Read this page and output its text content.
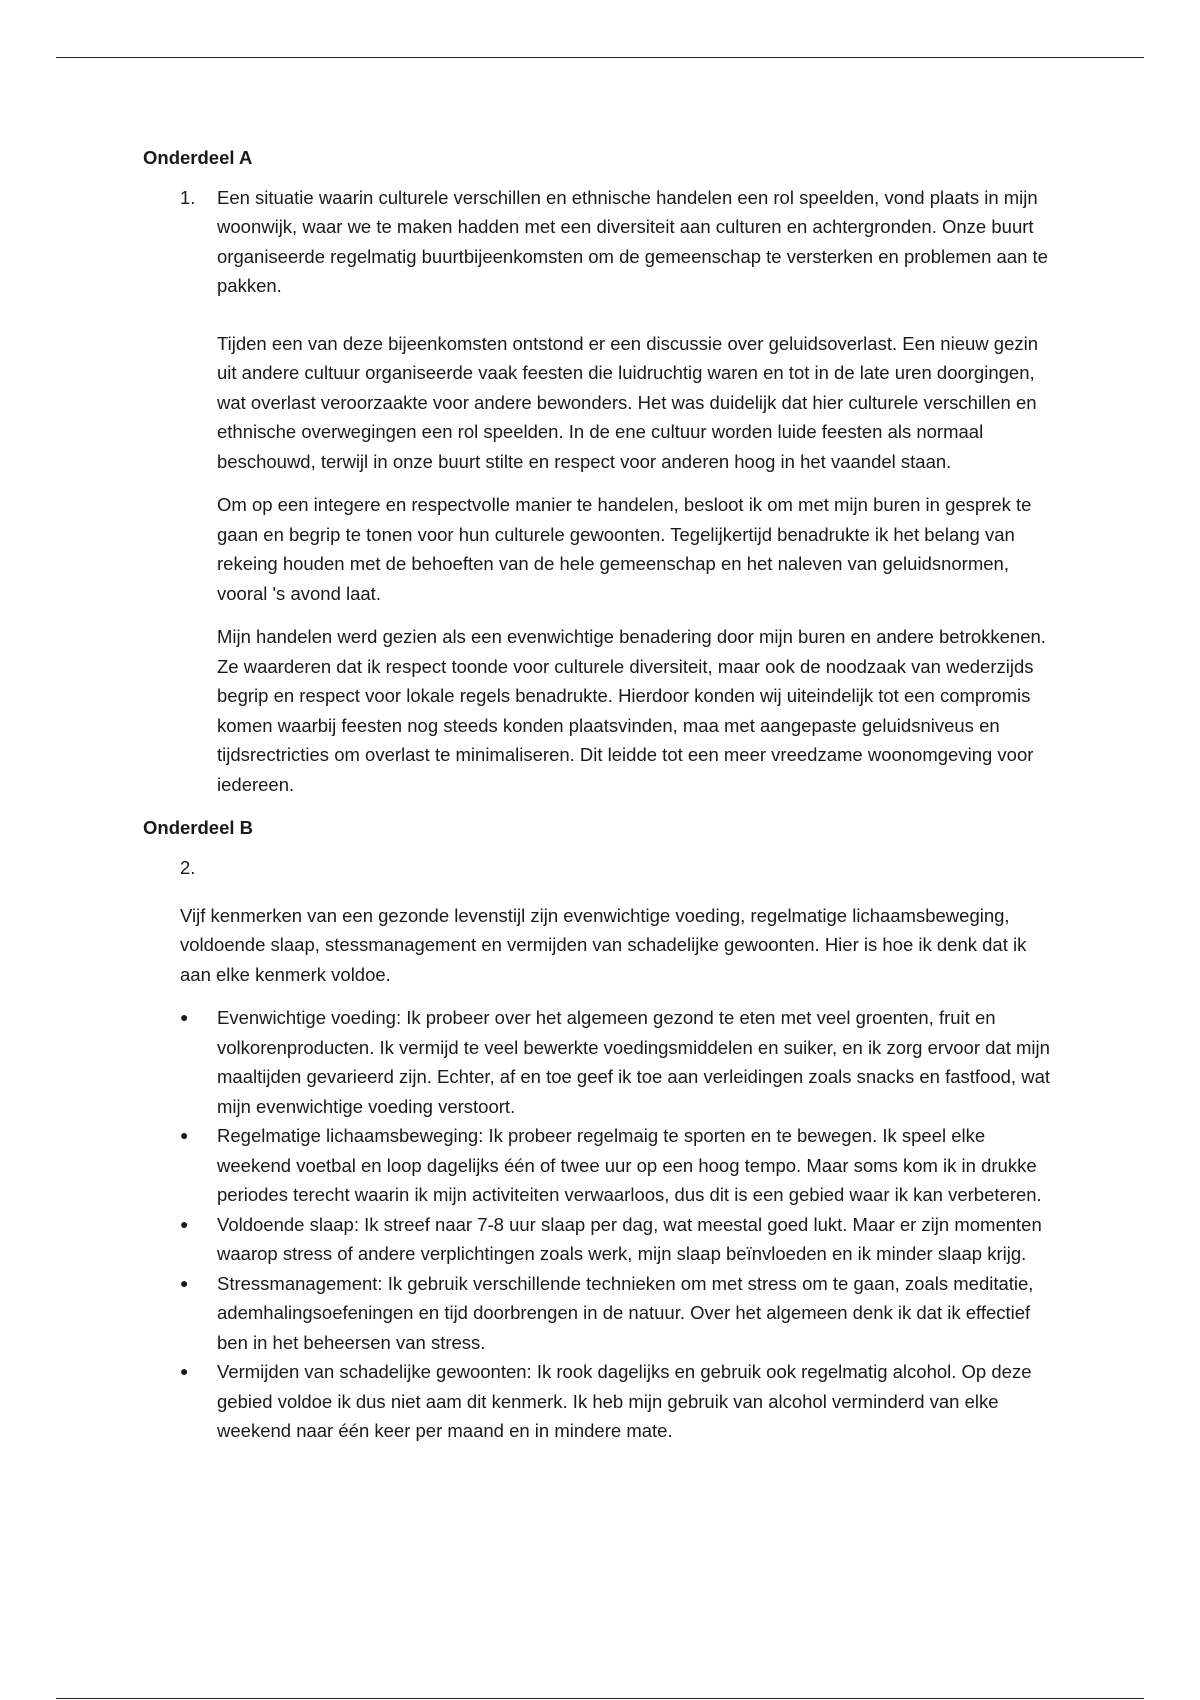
Onderdeel A
1.	Een situatie waarin culturele verschillen en ethnische handelen een rol speelden, vond plaats in mijn woonwijk, waar we te maken hadden met een diversiteit aan culturen en achtergronden. Onze buurt organiseerde regelmatig buurtbijeenkomsten om de gemeenschap te versterken en problemen aan te pakken.

Tijden een van deze bijeenkomsten ontstond er een discussie over geluidsoverlast. Een nieuw gezin uit andere cultuur organiseerde vaak feesten die luidruchtig waren en tot in de late uren doorgingen, wat overlast veroorzaakte voor andere bewonders. Het was duidelijk dat hier culturele verschillen en ethnische overwegingen een rol speelden. In de ene cultuur worden luide feesten als normaal beschouwd, terwijl in onze buurt stilte en respect voor anderen hoog in het vaandel staan.

Om op een integere en respectvolle manier te handelen, besloot ik om met mijn buren in gesprek te gaan en begrip te tonen voor hun culturele gewoonten. Tegelijkertijd benadrukte ik het belang van rekeing houden met de behoeften van de hele gemeenschap en het naleven van geluidsnormen, vooral 's avond laat.

Mijn handelen werd gezien als een evenwichtige benadering door mijn buren en andere betrokkenen. Ze waarderen dat ik respect toonde voor culturele diversiteit, maar ook de noodzaak van wederzijds begrip en respect voor lokale regels benadrukte. Hierdoor konden wij uiteindelijk tot een compromis komen waarbij feesten nog steeds konden plaatsvinden, maa met aangepaste geluidsniveus en tijdsrectricties om overlast te minimaliseren. Dit leidde tot een meer vreedzame woonomgeving voor iedereen.

Onderdeel B
2.

Vijf kenmerken van een gezonde levenstijl zijn evenwichtige voeding, regelmatige lichaamsbeweging, voldoende slaap, stessmanagement en vermijden van schadelijke gewoonten. Hier is hoe ik denk dat ik aan elke kenmerk voldoe.

●	Evenwichtige voeding: Ik probeer over het algemeen gezond te eten met veel groenten, fruit en volkorenproducten. Ik vermijd te veel bewerkte voedingsmiddelen en suiker, en ik zorg ervoor dat mijn maaltijden gevarieerd zijn. Echter, af en toe geef ik toe aan verleidingen zoals snacks en fastfood, wat mijn evenwichtige voeding verstoort.
●	Regelmatige lichaamsbeweging: Ik probeer regelmaig te sporten en te bewegen. Ik speel elke weekend voetbal en loop dagelijks één of twee uur op een hoog tempo. Maar soms kom ik in drukke periodes terecht waarin ik mijn activiteiten verwaarloos, dus dit is een gebied waar ik kan verbeteren.
●	Voldoende slaap: Ik streef naar 7-8 uur slaap per dag, wat meestal goed lukt. Maar er zijn momenten waarop stress of andere verplichtingen zoals werk, mijn slaap beïnvloeden en ik minder slaap krijg.
●	Stressmanagement: Ik gebruik verschillende technieken om met stress om te gaan, zoals meditatie, ademhalingsoefeningen en tijd doorbrengen in de natuur. Over het algemeen denk ik dat ik effectief ben in het beheersen van stress.
●	Vermijden van schadelijke gewoonten: Ik rook dagelijks en gebruik ook regelmatig alcohol. Op deze gebied voldoe ik dus niet aam dit kenmerk. Ik heb mijn gebruik van alcohol verminderd van elke weekend naar één keer per maand en in mindere mate.
